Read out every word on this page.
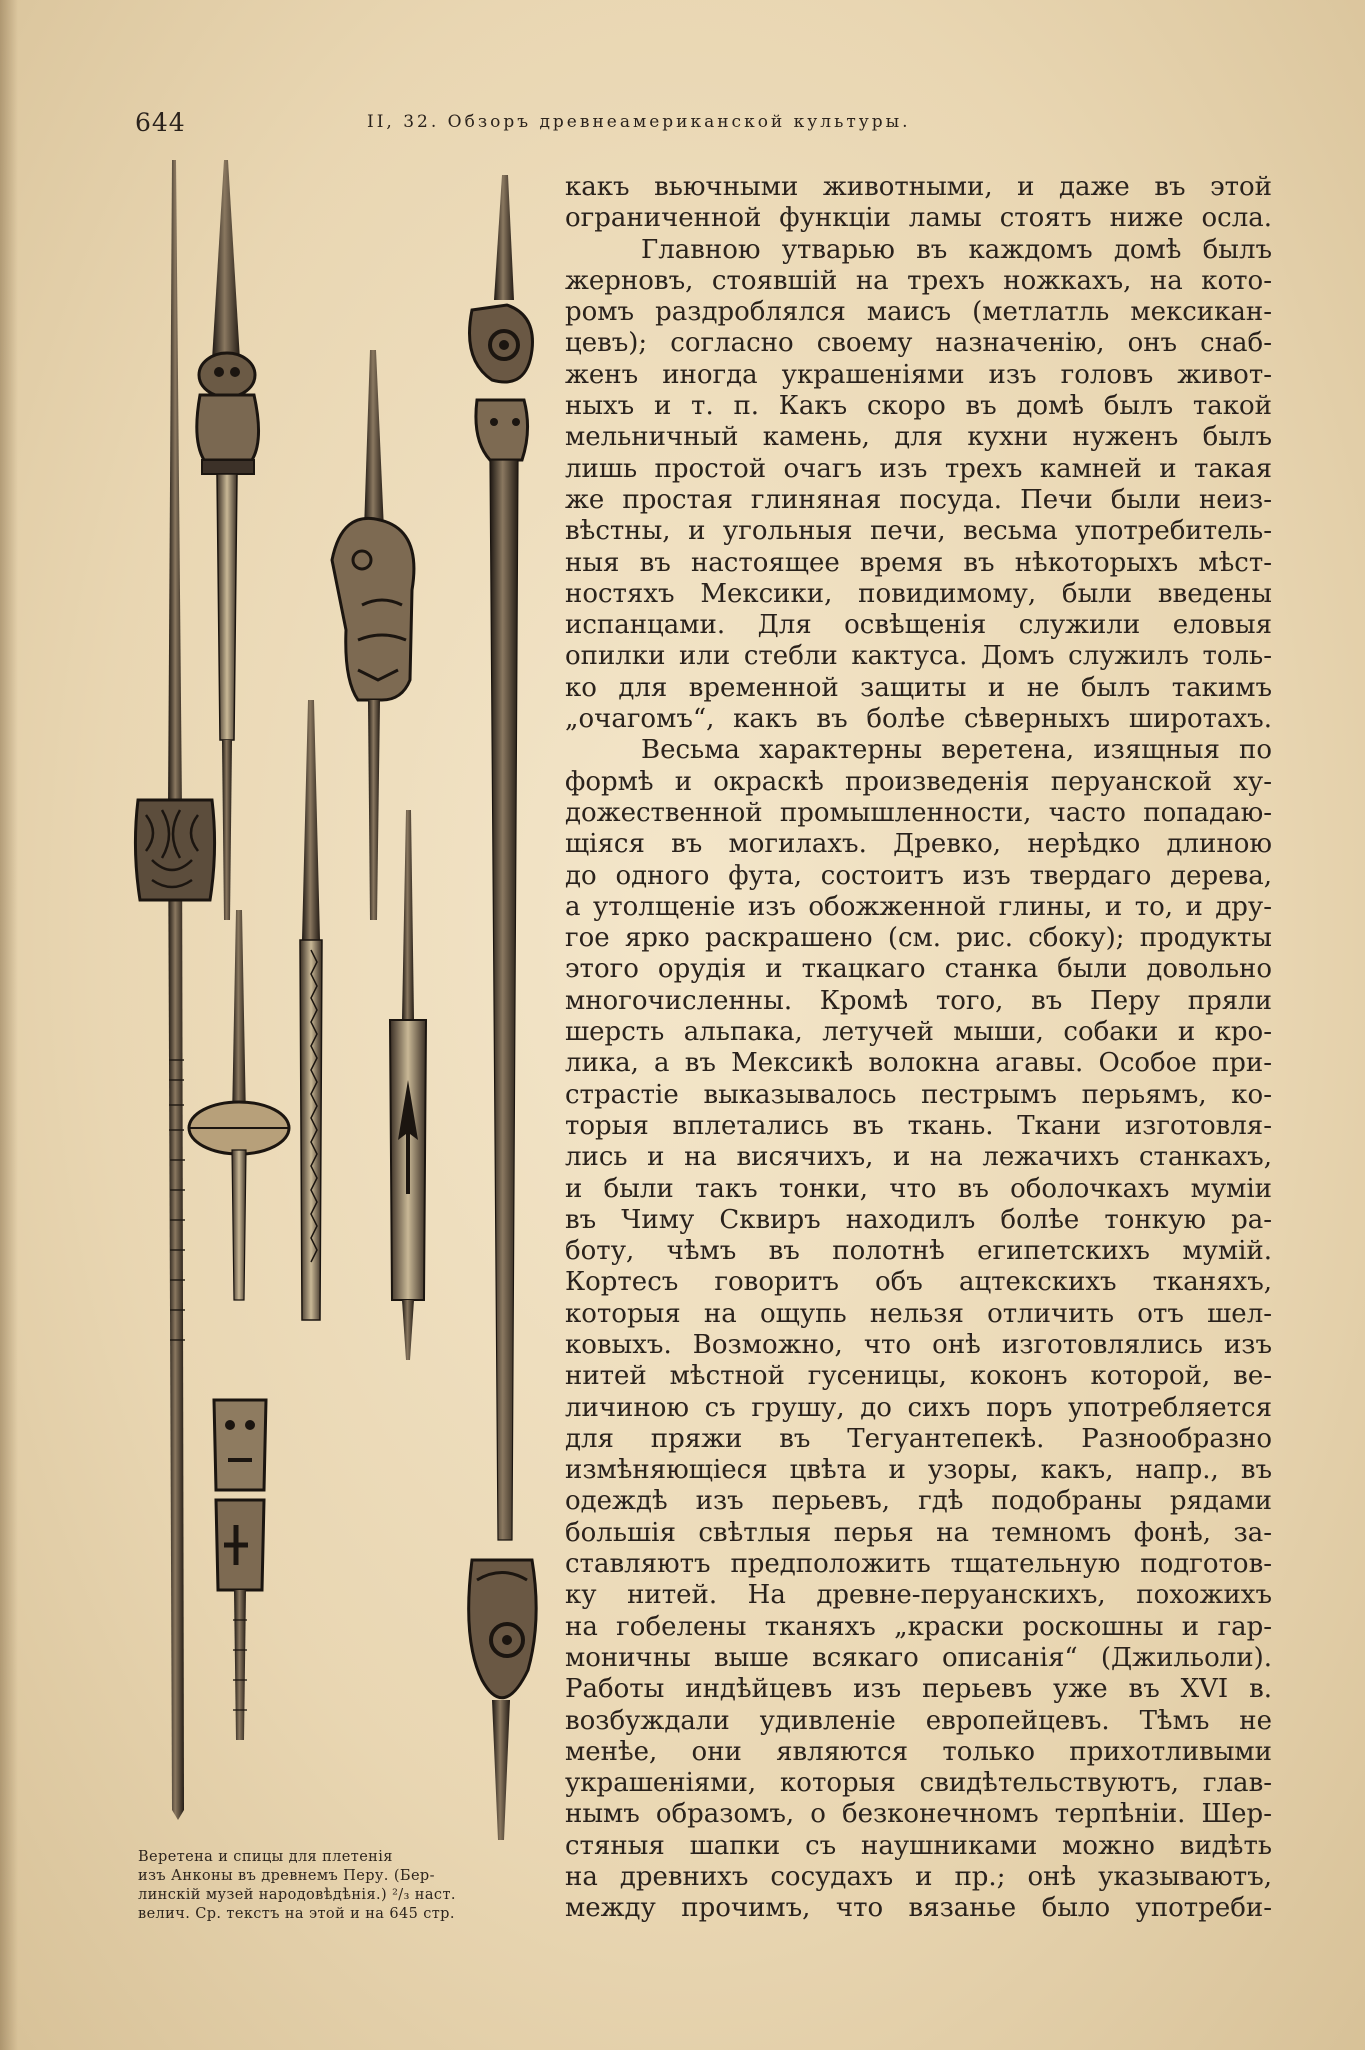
644	II, 32. Обзоръ древнеамериканской культуры.
Веретена и спицы для плетенія
изъ Анконы въ древнемъ Перу. (Бер-
линскій музей народовѣдѣнія.) ²/₃ наст.
велич. Ср. текстъ на этой и на 645 стр.
какъ вьючными животными, и даже въ этой
ограниченной функціи ламы стоятъ ниже осла.
Главною утварью въ каждомъ домѣ былъ
жерновъ, стоявшій на трехъ ножкахъ, на кото-
ромъ раздроблялся маисъ (метлатль мексикан-
цевъ); согласно своему назначенію, онъ снаб-
женъ иногда украшеніями изъ головъ живот-
ныхъ и т. п. Какъ скоро въ домѣ былъ такой
мельничный камень, для кухни нуженъ былъ
лишь простой очагъ изъ трехъ камней и такая
же простая глиняная посуда. Печи были неиз-
вѣстны, и угольныя печи, весьма употребитель-
ныя въ настоящее время въ нѣкоторыхъ мѣст-
ностяхъ Мексики, повидимому, были введены
испанцами. Для освѣщенія служили еловыя
опилки или стебли кактуса. Домъ служилъ толь-
ко для временной защиты и не былъ такимъ
„очагомъ“, какъ въ болѣе сѣверныхъ широтахъ.
Весьма характерны веретена, изящныя по
формѣ и окраскѣ произведенія перуанской ху-
дожественной промышленности, часто попадаю-
щіяся въ могилахъ. Древко, нерѣдко длиною
до одного фута, состоитъ изъ твердаго дерева,
а утолщеніе изъ обожженной глины, и то, и дру-
гое ярко раскрашено (см. рис. сбоку); продукты
этого орудія и ткацкаго станка были довольно
многочисленны. Кромѣ того, въ Перу пряли
шерсть альпака, летучей мыши, собаки и кро-
лика, а въ Мексикѣ волокна агавы. Особое при-
страстіе выказывалось пестрымъ перьямъ, ко-
торыя вплетались въ ткань. Ткани изготовля-
лись и на висячихъ, и на лежачихъ станкахъ,
и были такъ тонки, что въ оболочкахъ муміи
въ Чиму Сквиръ находилъ болѣе тонкую ра-
боту, чѣмъ въ полотнѣ египетскихъ мумій.
Кортесъ говоритъ объ ацтекскихъ тканяхъ,
которыя на ощупь нельзя отличить отъ шел-
ковыхъ. Возможно, что онѣ изготовлялись изъ
нитей мѣстной гусеницы, коконъ которой, ве-
личиною съ грушу, до сихъ поръ употребляется
для пряжи въ Тегуантепекѣ. Разнообразно
измѣняющіеся цвѣта и узоры, какъ, напр., въ
одеждѣ изъ перьевъ, гдѣ подобраны рядами
большія свѣтлыя перья на темномъ фонѣ, за-
ставляютъ предположить тщательную подготов-
ку нитей. На древне-перуанскихъ, похожихъ
на гобелены тканяхъ „краски роскошны и гар-
моничны выше всякаго описанія“ (Джильоли).
Работы индѣйцевъ изъ перьевъ уже въ XVI в.
возбуждали удивленіе европейцевъ. Тѣмъ не
менѣе, они являются только прихотливыми
украшеніями, которыя свидѣтельствуютъ, глав-
нымъ образомъ, о безконечномъ терпѣніи. Шер-
стяныя шапки съ наушниками можно видѣть
на древнихъ сосудахъ и пр.; онѣ указываютъ,
между прочимъ, что вязанье было употреби-
